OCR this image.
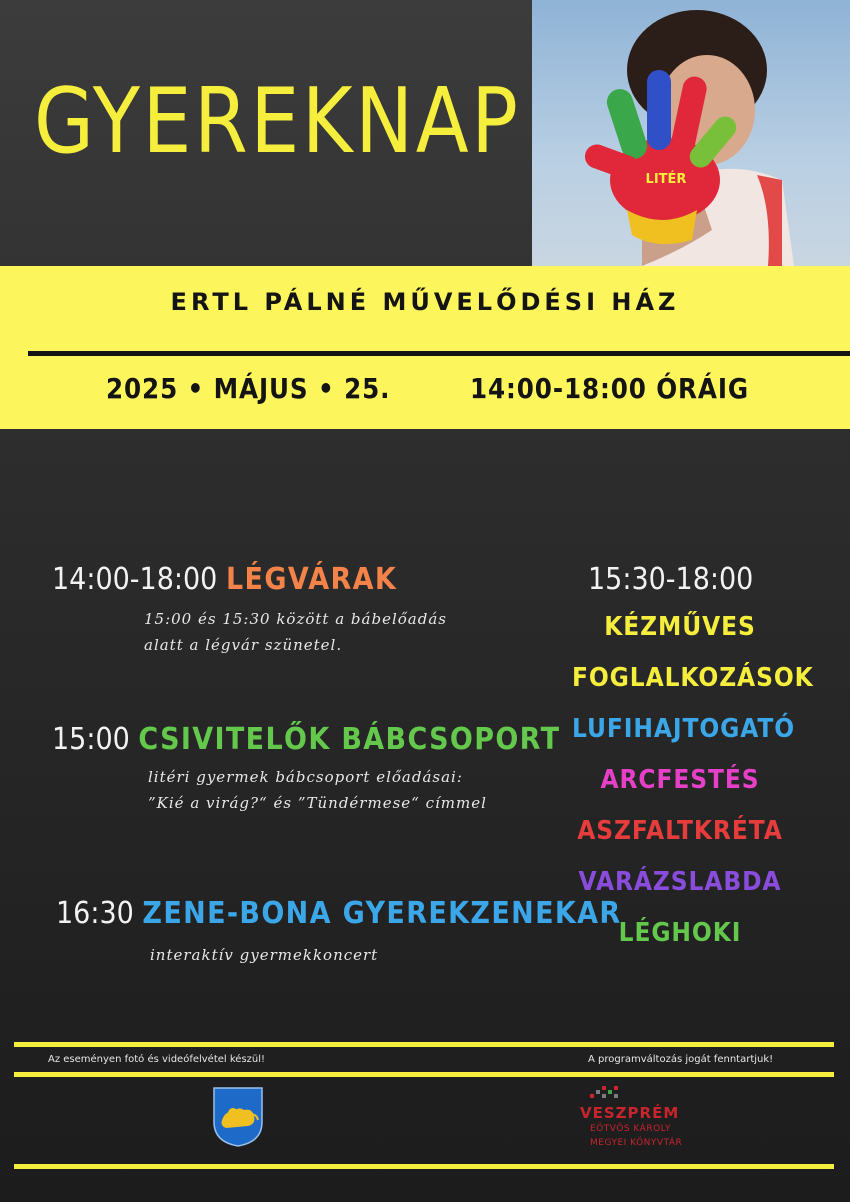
GYEREKNAP
LITÉR
ERTL PÁLNÉ MŰVELŐDÉSI HÁZ
2025 • MÁJUS • 25.	14:00-18:00 ÓRÁIG
14:00-18:00 LÉGVÁRAK
15:00 és 15:30 között a bábelőadás
alatt a légvár szünetel.
15:00 CSIVITELŐK BÁBCSOPORT
litéri gyermek bábcsoport előadásai:
”Kié a virág?“ és ”Tündérmese“ címmel
16:30 ZENE-BONA GYEREKZENEKAR
interaktív gyermekkoncert
15:30-18:00
KÉZMŰVES
FOGLALKOZÁSOK
LUFIHAJTOGATÓ
ARCFESTÉS
ASZFALTKRÉTA
VARÁZSLABDA
LÉGHOKI
Az eseményen fotó és videófelvétel készül!	A programváltozás jogát fenntartjuk!
VESZPRÉM
EÖTVÖS KÁROLY
MEGYEI KÖNYVTÁR
